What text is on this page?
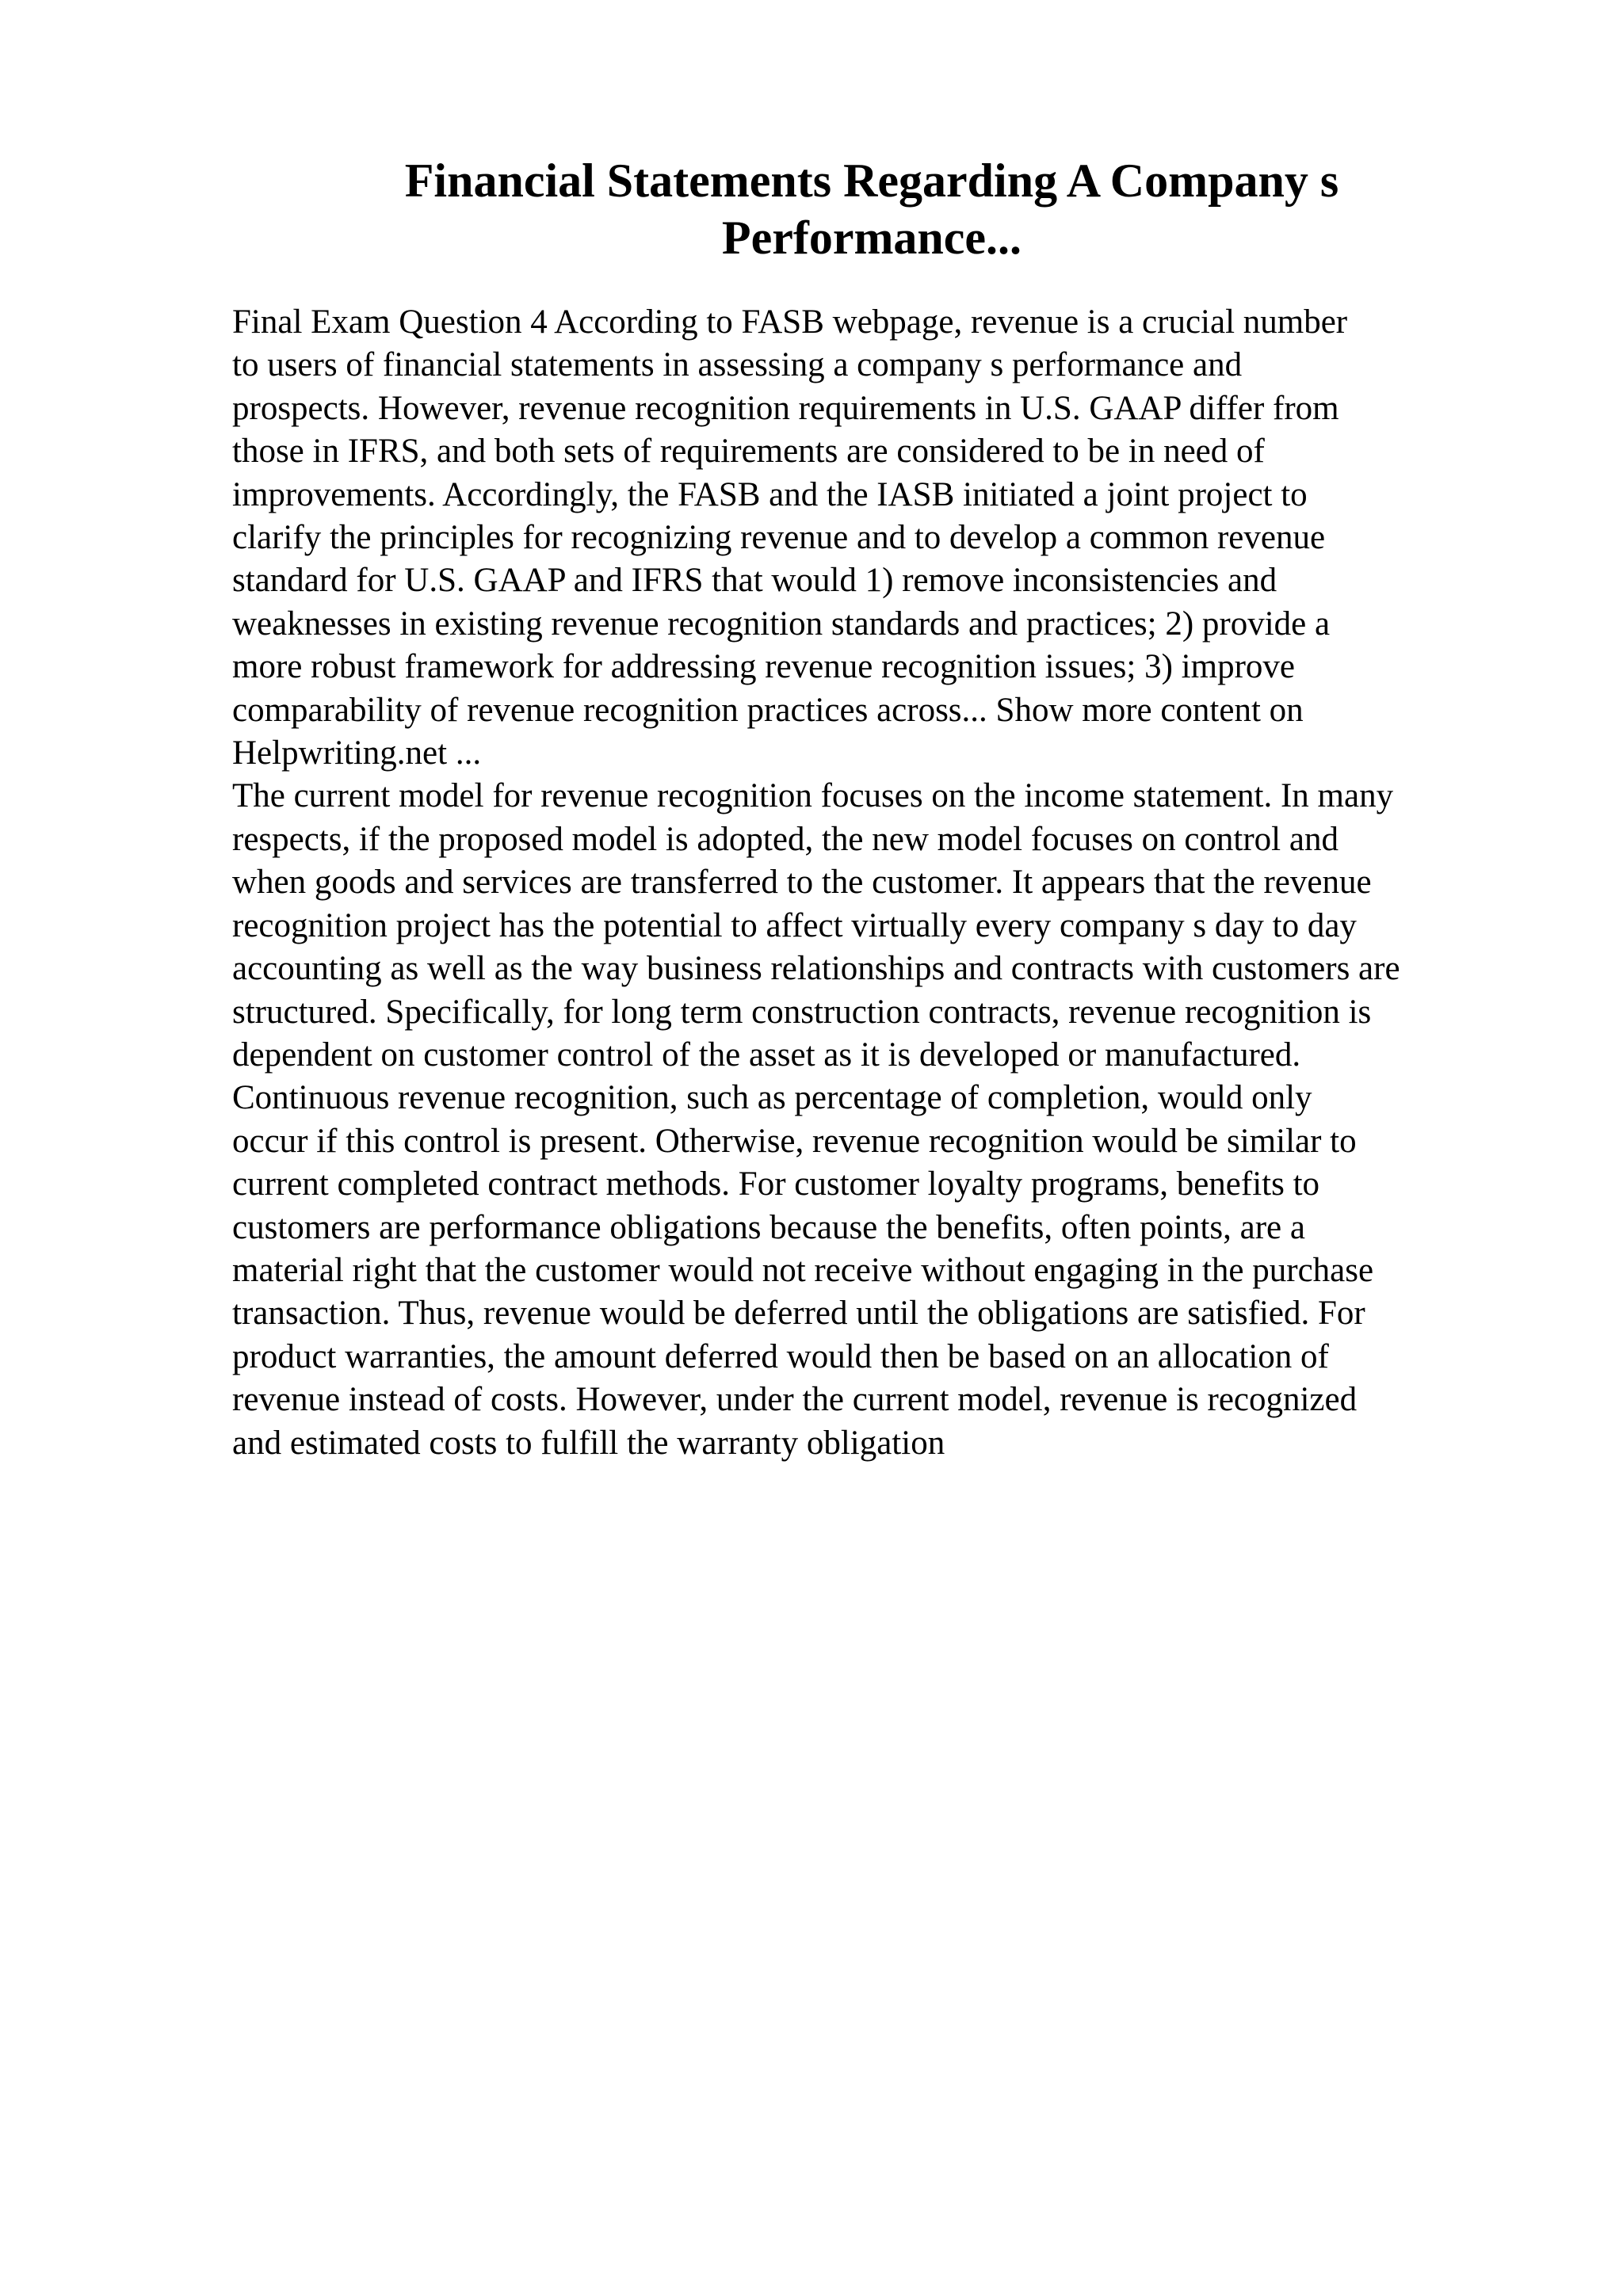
Financial Statements Regarding A Company s
Performance...
Final Exam Question 4 According to FASB webpage, revenue is a crucial number
to users of financial statements in assessing a company s performance and
prospects. However, revenue recognition requirements in U.S. GAAP differ from
those in IFRS, and both sets of requirements are considered to be in need of
improvements. Accordingly, the FASB and the IASB initiated a joint project to
clarify the principles for recognizing revenue and to develop a common revenue
standard for U.S. GAAP and IFRS that would 1) remove inconsistencies and
weaknesses in existing revenue recognition standards and practices; 2) provide a
more robust framework for addressing revenue recognition issues; 3) improve
comparability of revenue recognition practices across... Show more content on
Helpwriting.net ...
The current model for revenue recognition focuses on the income statement. In many
respects, if the proposed model is adopted, the new model focuses on control and
when goods and services are transferred to the customer. It appears that the revenue
recognition project has the potential to affect virtually every company s day to day
accounting as well as the way business relationships and contracts with customers are
structured. Specifically, for long term construction contracts, revenue recognition is
dependent on customer control of the asset as it is developed or manufactured.
Continuous revenue recognition, such as percentage of completion, would only
occur if this control is present. Otherwise, revenue recognition would be similar to
current completed contract methods. For customer loyalty programs, benefits to
customers are performance obligations because the benefits, often points, are a
material right that the customer would not receive without engaging in the purchase
transaction. Thus, revenue would be deferred until the obligations are satisfied. For
product warranties, the amount deferred would then be based on an allocation of
revenue instead of costs. However, under the current model, revenue is recognized
and estimated costs to fulfill the warranty obligation
